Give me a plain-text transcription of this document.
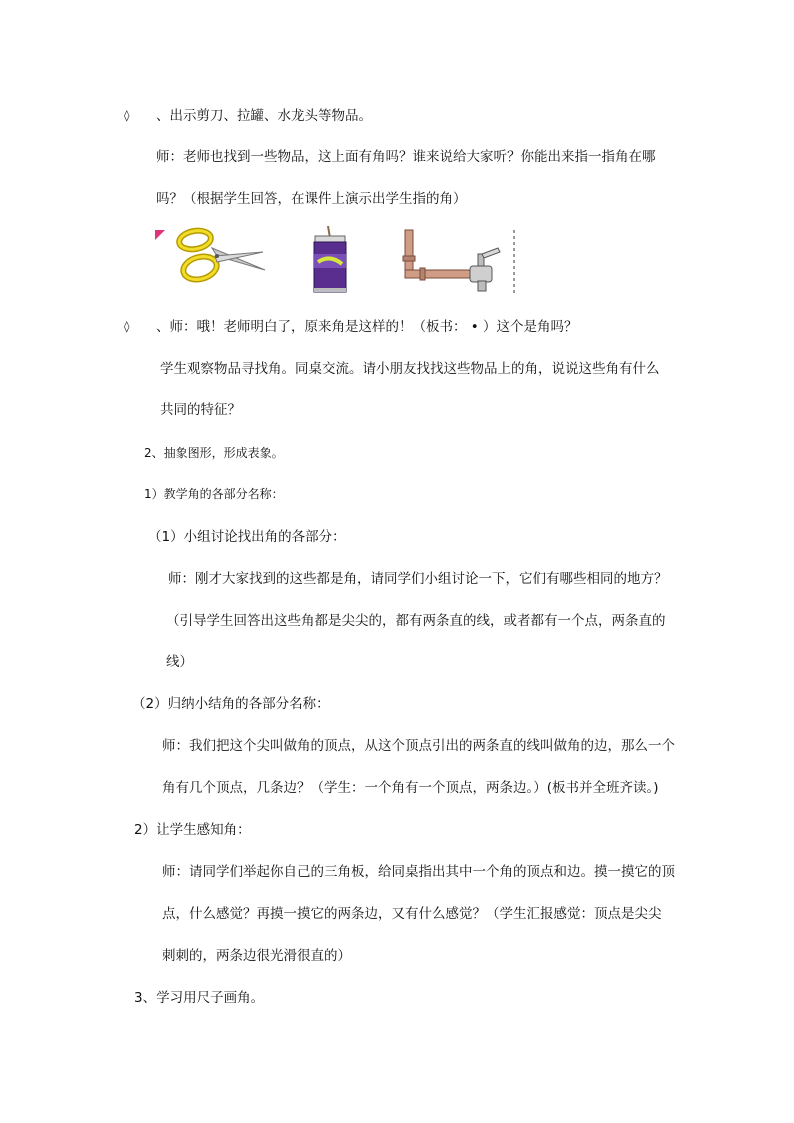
◊ 、出示剪刀、拉罐、水龙头等物品。
师：老师也找到一些物品，这上面有角吗？谁来说给大家听？你能出来指一指角在哪
吗？（根据学生回答，在课件上演示出学生指的角）
◊ 、师：哦！老师明白了，原来角是这样的！（板书： • ）这个是角吗？
学生观察物品寻找角。同桌交流。请小朋友找找这些物品上的角，说说这些角有什么
共同的特征？
2、抽象图形，形成表象。
1）教学角的各部分名称：
（1）小组讨论找出角的各部分：
师：刚才大家找到的这些都是角，请同学们小组讨论一下，它们有哪些相同的地方？
（引导学生回答出这些角都是尖尖的，都有两条直的线，或者都有一个点，两条直的
线）
（2）归纳小结角的各部分名称：
师：我们把这个尖叫做角的顶点，从这个顶点引出的两条直的线叫做角的边，那么一个
角有几个顶点，几条边？（学生：一个角有一个顶点，两条边。）(板书并全班齐读。)
2）让学生感知角：
师：请同学们举起你自己的三角板，给同桌指出其中一个角的顶点和边。摸一摸它的顶
点，什么感觉？再摸一摸它的两条边，又有什么感觉？（学生汇报感觉：顶点是尖尖
刺刺的，两条边很光滑很直的）
3、学习用尺子画角。
